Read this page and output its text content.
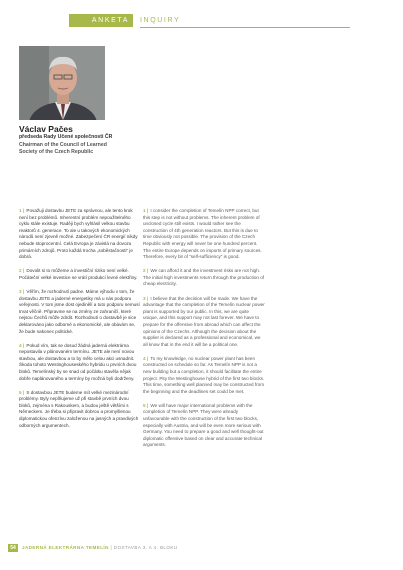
ANKETA	INQUIRY
Václav Pačes
předseda Rady Učené společnosti ČR
Chairman of the Council of Learned
Society of the Czech Republic

1 | Považuji dostavbu JETE za správnou, ale tento krok není bez problémů. Inherentní problém nepoužitelného cyklu stále existuje. Raději bych vyhlásil velkou stavbu reaktorů 4. generace. To ale u takových ekonomických národů není zjevně možné. Zabezpečení ČR energií nikdy nebude stoprocentní. Celá Evropa je závislá na dovozu primárních zdrojů. Proto každá trocha „soběstačnosti“ je dobrá.

2 | Dovolit si to můžeme a investiční riziko není velké. Počáteční velké investice se vrátí produkcí levné elektřiny.

3 | Věřím, že rozhodnutí padne. Máme výhodu v tom, že dostavbu JETE a jaderné energetiky má u nás podporu veřejnosti. V tom jsme dost ojedinělí a tuto podporu nemusí trvat věčně. Připravme se na změny ze zahraničí, které nejsou Čechů může zdrdit. Rozhodnutí o dostavbě je sice deklarováno jako odborné a ekonomické, ale obávám se, že bude nakonec politické.

4 | Pokud vím, tak se dosud žádná jaderná elektrárna nepostavila v plánovaném termínu. JETE ale není novou stavbou, ale dostavbou a to by mělo celou akci usnadnit. Škoda tohoto Westinghouseského hybridu u prvních dvou bloků. Temelínský by se snad od počátku stavěla nějak dobře naplánovaného a termíny by možná byli dodrženy.

5 | S dostavbou JETE budeme mít velké mezinárodní problémy. Byly neplňujeme už při stavbě prvních dvou bloků, zejména s Rakouskem, a budou ještě většími s Německem. Je třeba si připravit dobrou a promyšlenou diplomatickou ofenzívu založenou na jasných a pravdivých odborných argumentech.

1 | I consider the completion of Temelín NPP correct, but this step is not without problems. The inherent problem of unclosed cycle still exists. I would rather see the construction of 4th generation reactors. But this is due to time obviously not possible. The provision of the Czech Republic with energy will never be one hundred percent. The entire Europe depends on imports of primary sources. Therefore, every bit of “self-sufficiency” is good.

2 | We can afford it and the investment risks are not high. The initial high investments return through the production of cheap electricity.

3 | I believe that the decision will be made. We have the advantage that the completion of the Temelín nuclear power plant is supported by our public. In this, we are quite unique, and this support may not last forever. We have to prepare for the offensive from abroad which can affect the opinions of the Czechs. Although the decision about the supplier is declared as a professional and economical, we all know that in the end it will be a political one.

4 | To my knowledge, no nuclear power plant has been constructed on schedule so far. As Temelín NPP is not a new building but a completion, it should facilitate the entire project. Pity the Westinghouse hybrid of the first two blocks. This time, something well planned may be constructed from the beginning and the deadlines set could be met.

5 | We will have major international problems with the completion of Temelín NPP. They were already unfavourable with the construction of the first two blocks, especially with Austria, and will be even more serious with Germany. You need to prepare a good and well thought-out diplomatic offensive based on clear and accurate technical arguments.

54	JADERNÁ ELEKTRÁRNA TEMELÍN | DOSTAVBA 3. A 4. BLOKU
